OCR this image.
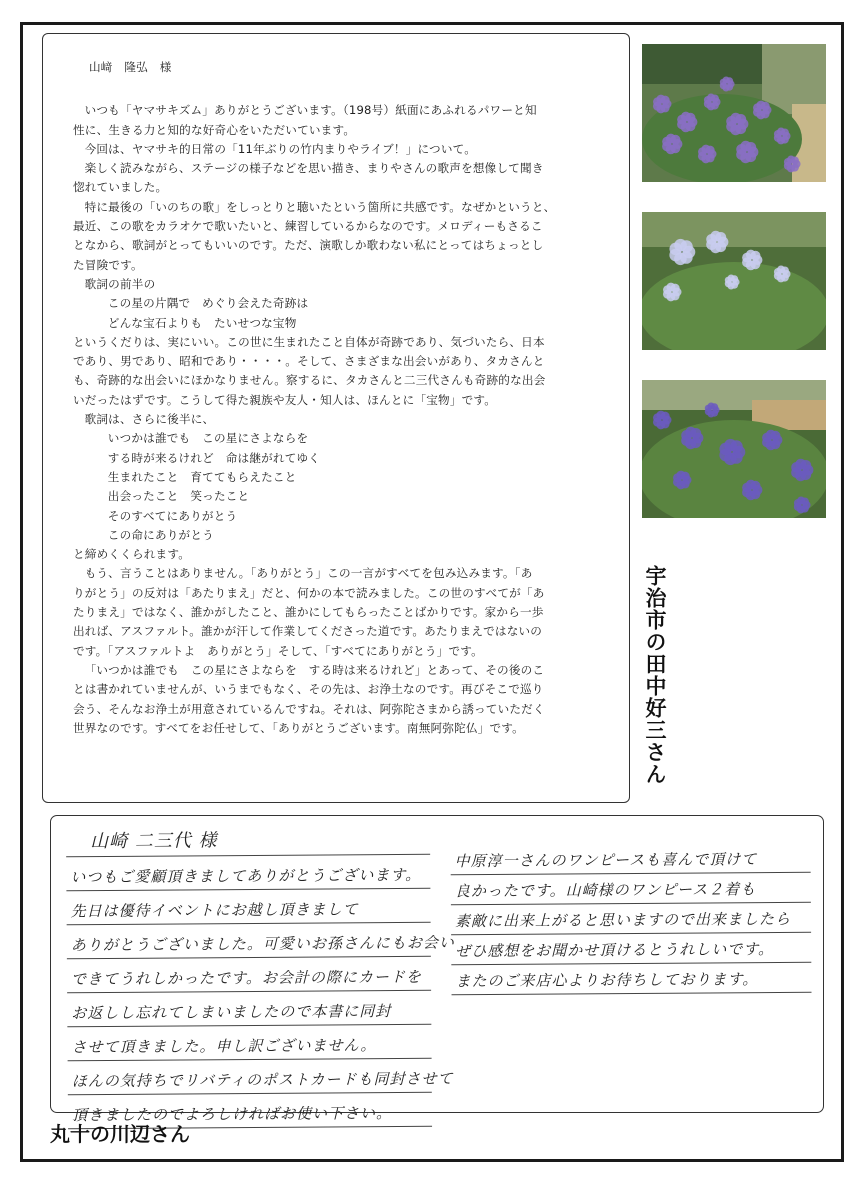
山﨑　隆弘　様

いつも「ヤマサキズム」ありがとうございます。（198号）紙面にあふれるパワーと知

性に、生きる力と知的な好奇心をいただいています。

今回は、ヤマサキ的日常の「11年ぶりの竹内まりやライブ！」について。

楽しく読みながら、ステージの様子などを思い描き、まりやさんの歌声を想像して聞き

惚れていました。

特に最後の「いのちの歌」をしっとりと聴いたという箇所に共感です。なぜかというと、

最近、この歌をカラオケで歌いたいと、練習しているからなのです。メロディーもさるこ

となから、歌詞がとってもいいのです。ただ、演歌しか歌わない私にとってはちょっとし

た冒険です。

歌詞の前半の

この星の片隅で　めぐり会えた奇跡は

どんな宝石よりも　たいせつな宝物

というくだりは、実にいい。この世に生まれたこと自体が奇跡であり、気づいたら、日本

であり、男であり、昭和であり・・・・。そして、さまざまな出会いがあり、タカさんと

も、奇跡的な出会いにほかなりません。察するに、タカさんと二三代さんも奇跡的な出会

いだったはずです。こうして得た親族や友人・知人は、ほんとに「宝物」です。

歌詞は、さらに後半に、

いつかは誰でも　この星にさよならを

する時が来るけれど　命は継がれてゆく

生まれたこと　育ててもらえたこと

出会ったこと　笑ったこと

そのすべてにありがとう

この命にありがとう

と締めくくられます。

もう、言うことはありません。「ありがとう」この一言がすべてを包み込みます。「あ

りがとう」の反対は「あたりまえ」だと、何かの本で読みました。この世のすべてが「あ

たりまえ」ではなく、誰かがしたこと、誰かにしてもらったことばかりです。家から一歩

出れば、アスファルト。誰かが汗して作業してくださった道です。あたりまえではないの

です。「アスファルトよ　ありがとう」そして、「すべてにありがとう」です。

「いつかは誰でも　この星にさよならを　する時は来るけれど」とあって、その後のこ

とは書かれていませんが、いうまでもなく、その先は、お浄土なのです。再びそこで巡り

会う、そんなお浄土が用意されているんですね。それは、阿弥陀さまから誘っていただく

世界なのです。すべてをお任せして、「ありがとうございます。南無阿弥陀仏」です。	宇治市の田中好三さん
山崎 二三代 様
いつもご愛顧頂きましてありがとうございます。
先日は優待イベントにお越し頂きまして
ありがとうございました。可愛いお孫さんにもお会い
できてうれしかったです。お会計の際にカードを
お返しし忘れてしまいましたので本書に同封
させて頂きました。申し訳ございません。
ほんの気持ちでリバティのポストカードも同封させて
頂きましたのでよろしければお使い下さい。
中原淳一さんのワンピースも喜んで頂けて
良かったです。山崎様のワンピース２着も
素敵に出来上がると思いますので出来ましたら
ぜひ感想をお聞かせ頂けるとうれしいです。
またのご来店心よりお待ちしております。
丸十の川辺さん
